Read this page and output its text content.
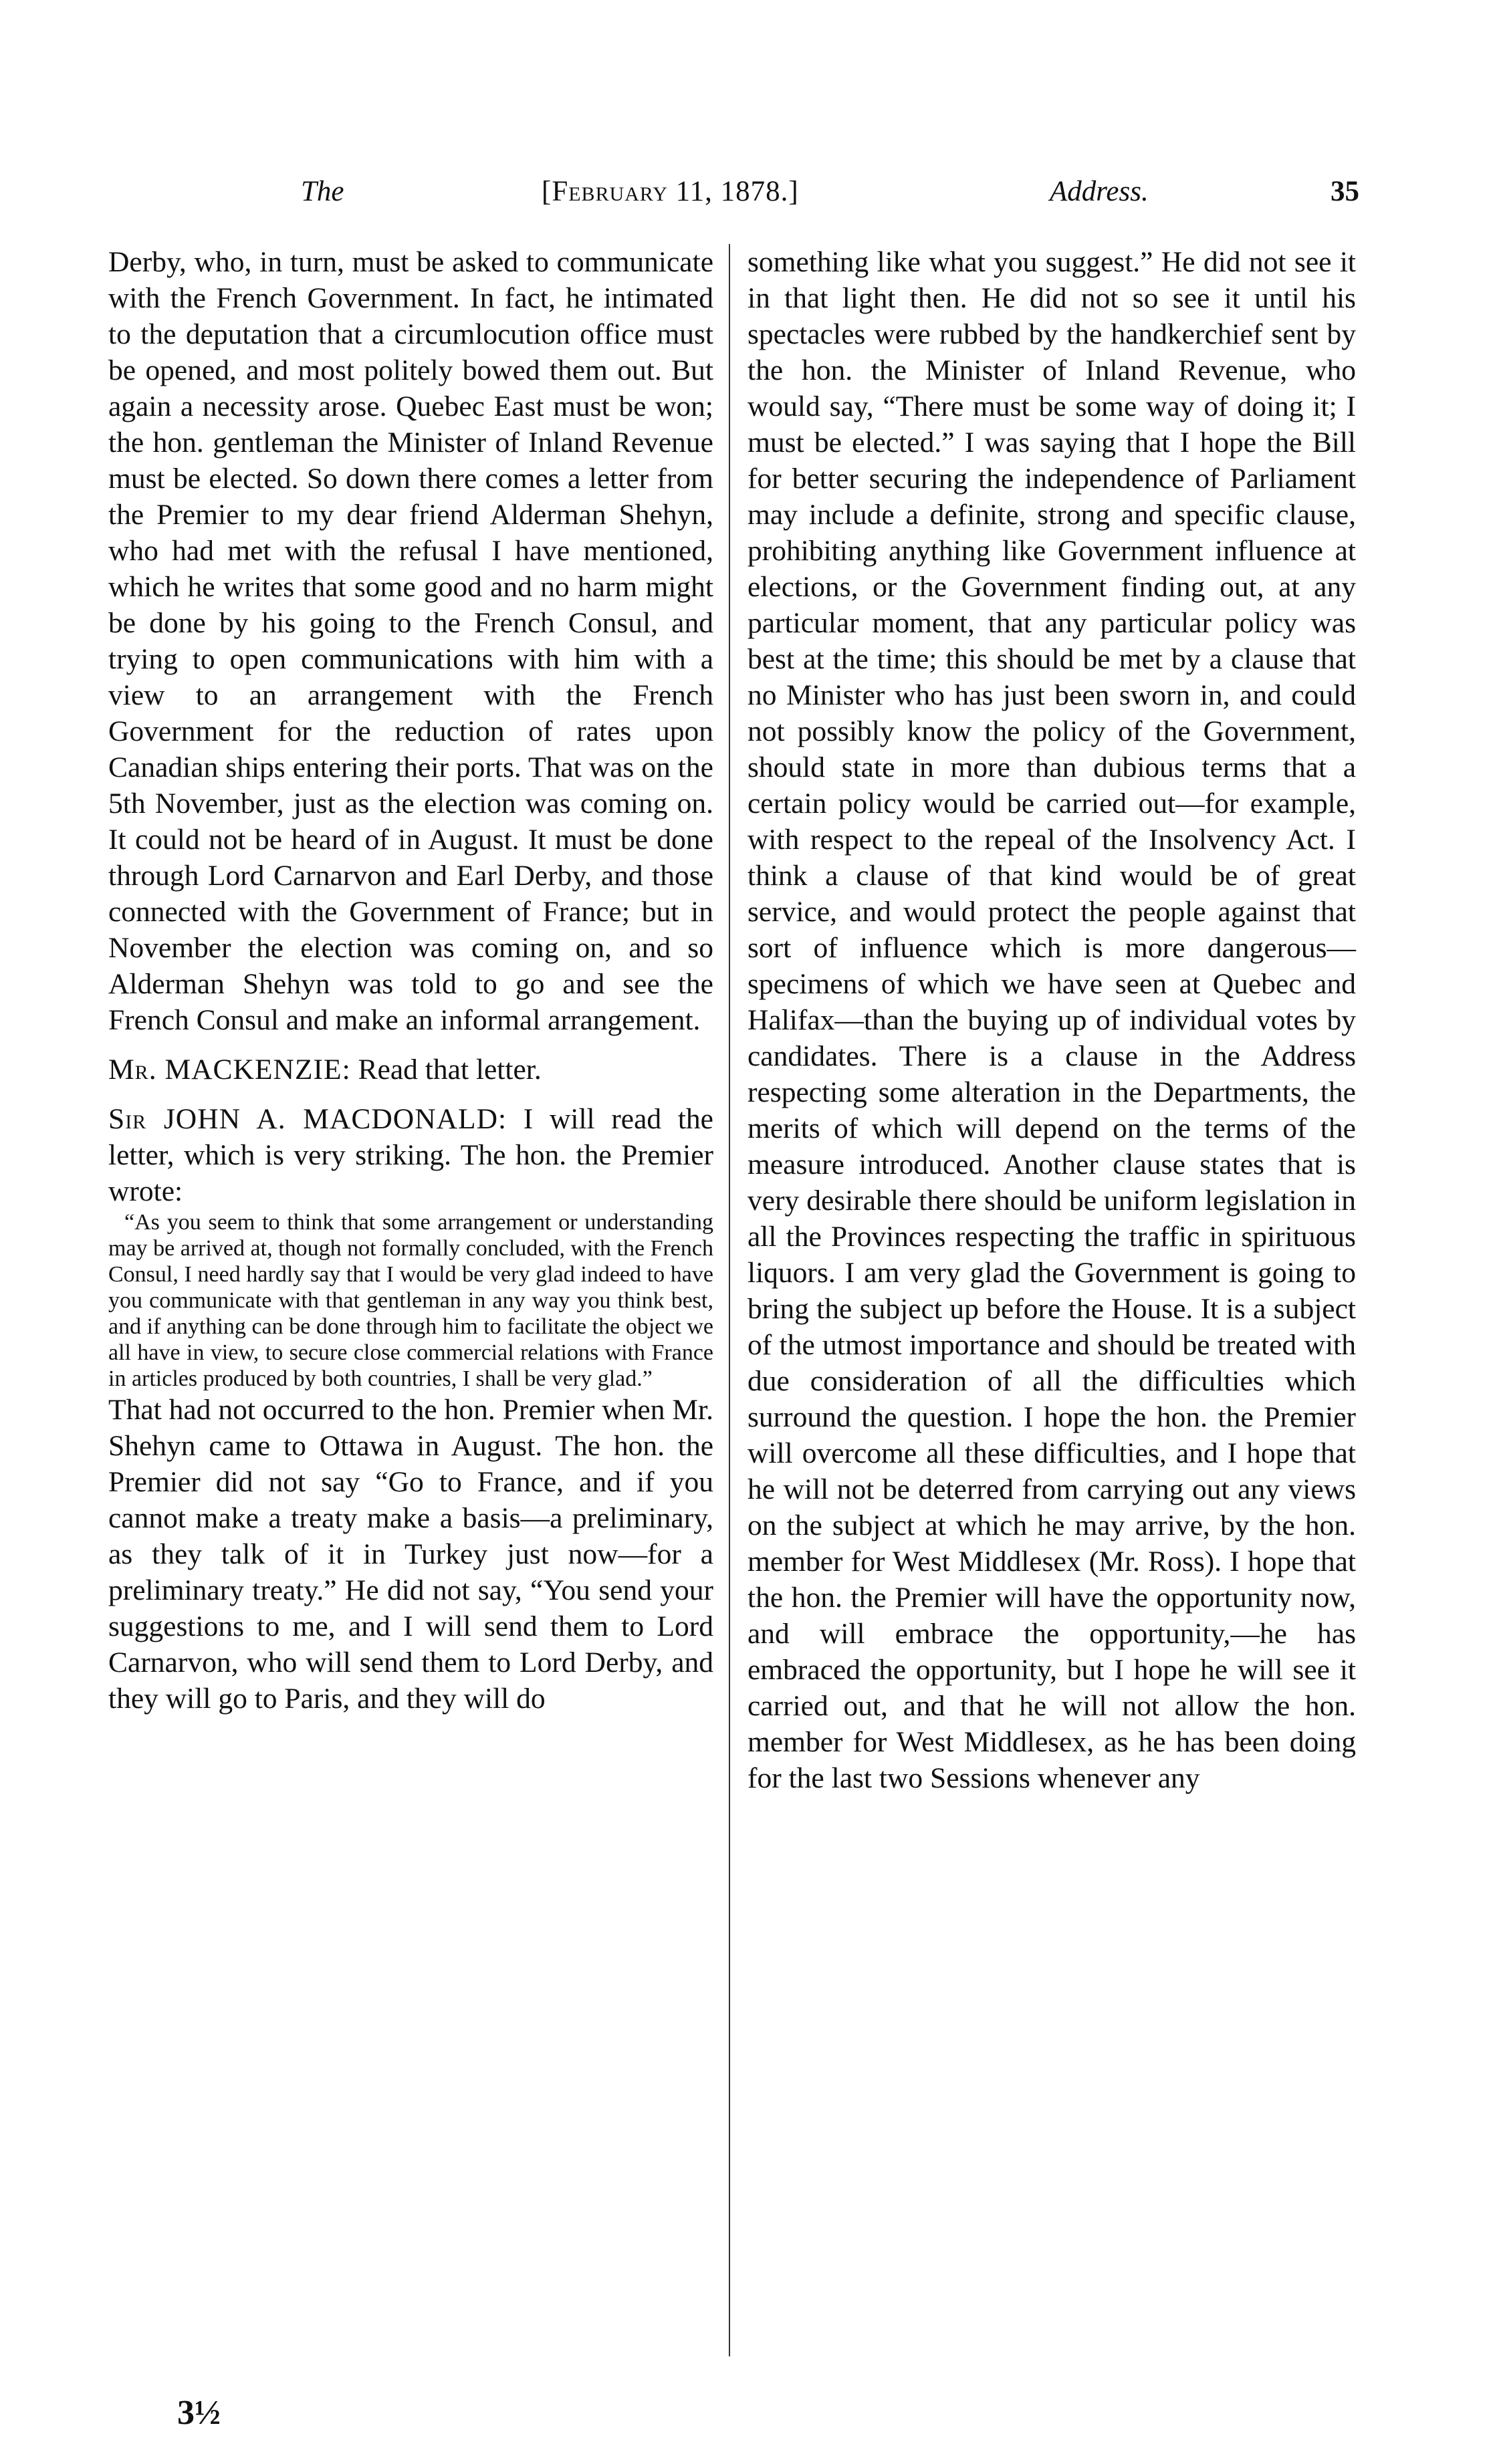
The	[February 11, 1878.]	Address.	35

Derby, who, in turn, must be asked to communicate with the French Government. In fact, he intimated to the deputation that a circumlocution office must be opened, and most politely bowed them out. But again a necessity arose. Quebec East must be won; the hon. gentleman the Minister of Inland Revenue must be elected. So down there comes a letter from the Premier to my dear friend Alderman Shehyn, who had met with the refusal I have mentioned, which he writes that some good and no harm might be done by his going to the French Consul, and trying to open communications with him with a view to an arrangement with the French Government for the reduction of rates upon Canadian ships entering their ports. That was on the 5th November, just as the election was coming on. It could not be heard of in August. It must be done through Lord Carnarvon and Earl Derby, and those connected with the Government of France; but in November the election was coming on, and so Alderman Shehyn was told to go and see the French Consul and make an informal arrangement.

Mr. MACKENZIE: Read that letter.

Sir JOHN A. MACDONALD: I will read the letter, which is very striking. The hon. the Premier wrote:

“As you seem to think that some arrangement or understanding may be arrived at, though not formally concluded, with the French Consul, I need hardly say that I would be very glad indeed to have you communicate with that gentleman in any way you think best, and if anything can be done through him to facilitate the object we all have in view, to secure close commercial relations with France in articles produced by both countries, I shall be very glad.”

That had not occurred to the hon. Premier when Mr. Shehyn came to Ottawa in August. The hon. the Premier did not say “Go to France, and if you cannot make a treaty make a basis—a preliminary, as they talk of it in Turkey just now—for a preliminary treaty.” He did not say, “You send your suggestions to me, and I will send them to Lord Carnarvon, who will send them to Lord Derby, and they will go to Paris, and they will do

something like what you suggest.” He did not see it in that light then. He did not so see it until his spectacles were rubbed by the handkerchief sent by the hon. the Minister of Inland Revenue, who would say, “There must be some way of doing it; I must be elected.” I was saying that I hope the Bill for better securing the independence of Parliament may include a definite, strong and specific clause, prohibiting anything like Government influence at elections, or the Government finding out, at any particular moment, that any particular policy was best at the time; this should be met by a clause that no Minister who has just been sworn in, and could not possibly know the policy of the Government, should state in more than dubious terms that a certain policy would be carried out—for example, with respect to the repeal of the Insolvency Act. I think a clause of that kind would be of great service, and would protect the people against that sort of influence which is more dangerous—specimens of which we have seen at Quebec and Halifax—than the buying up of individual votes by candidates. There is a clause in the Address respecting some alteration in the Departments, the merits of which will depend on the terms of the measure introduced. Another clause states that is very desirable there should be uniform legislation in all the Provinces respecting the traffic in spirituous liquors. I am very glad the Government is going to bring the subject up before the House. It is a subject of the utmost importance and should be treated with due consideration of all the difficulties which surround the question. I hope the hon. the Premier will overcome all these difficulties, and I hope that he will not be deterred from carrying out any views on the subject at which he may arrive, by the hon. member for West Middlesex (Mr. Ross). I hope that the hon. the Premier will have the opportunity now, and will embrace the opportunity,—he has embraced the opportunity, but I hope he will see it carried out, and that he will not allow the hon. member for West Middlesex, as he has been doing for the last two Sessions whenever any

3½
